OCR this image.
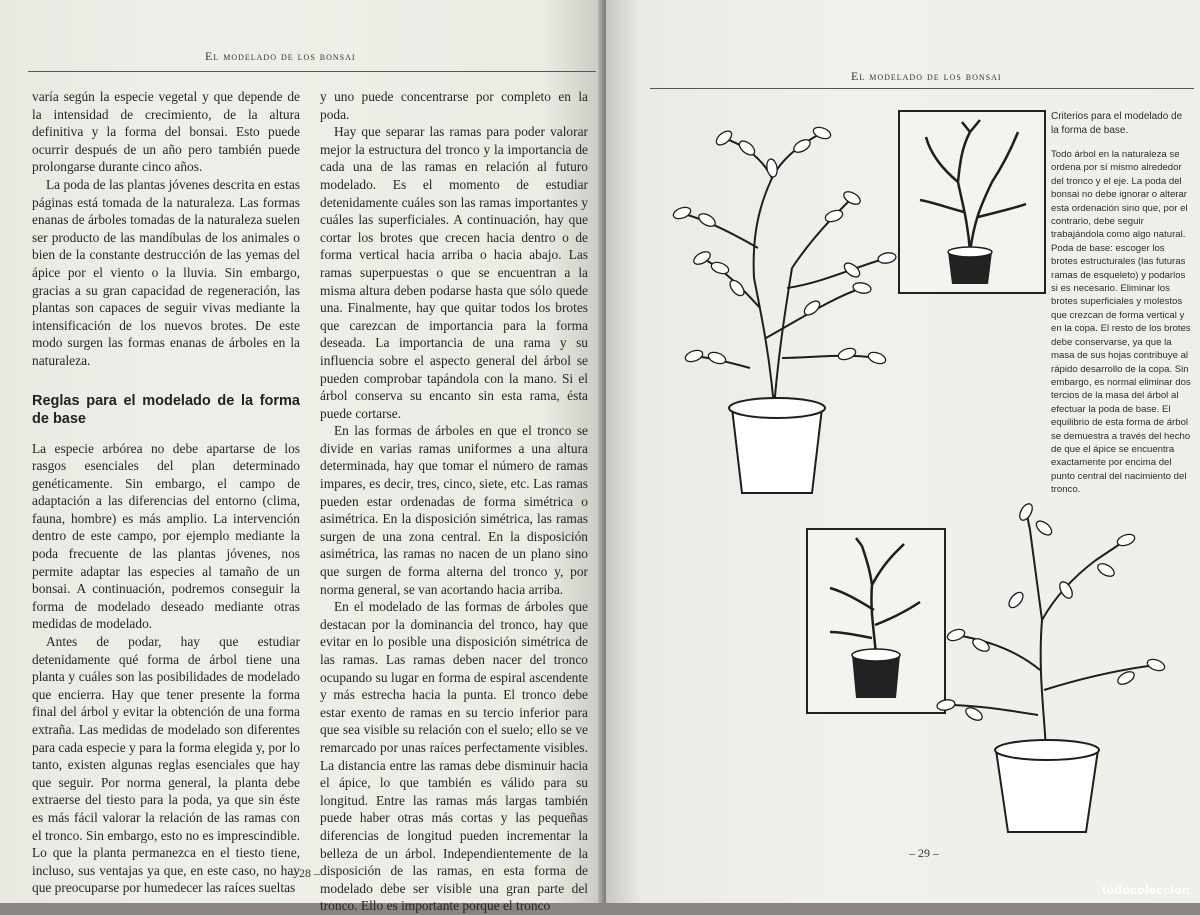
El modelado de los bonsai

varía según la especie vegetal y que depende de la intensidad de crecimiento, de la altura definitiva y la forma del bonsai. Esto puede ocurrir después de un año pero también puede prolongarse durante cinco años.

La poda de las plantas jóvenes descrita en estas páginas está tomada de la naturaleza. Las formas enanas de árboles tomadas de la naturaleza suelen ser producto de las mandíbulas de los animales o bien de la constante destrucción de las yemas del ápice por el viento o la lluvia. Sin embargo, gracias a su gran capacidad de regeneración, las plantas son capaces de seguir vivas mediante la intensificación de los nuevos brotes. De este modo surgen las formas enanas de árboles en la naturaleza.

Reglas para el modelado de la forma de base

La especie arbórea no debe apartarse de los rasgos esenciales del plan determinado genéticamente. Sin embargo, el campo de adaptación a las diferencias del entorno (clima, fauna, hombre) es más amplio. La intervención dentro de este campo, por ejemplo mediante la poda frecuente de las plantas jóvenes, nos permite adaptar las especies al tamaño de un bonsai. A continuación, podremos conseguir la forma de modelado deseado mediante otras medidas de modelado.

Antes de podar, hay que estudiar detenidamente qué forma de árbol tiene una planta y cuáles son las posibilidades de modelado que encierra. Hay que tener presente la forma final del árbol y evitar la obtención de una forma extraña. Las medidas de modelado son diferentes para cada especie y para la forma elegida y, por lo tanto, existen algunas reglas esenciales que hay que seguir. Por norma general, la planta debe extraerse del tiesto para la poda, ya que sin éste es más fácil valorar la relación de las ramas con el tronco. Sin embargo, esto no es imprescindible. Lo que la planta permanezca en el tiesto tiene, incluso, sus ventajas ya que, en este caso, no hay que preocuparse por humedecer las raíces sueltas

y uno puede concentrarse por completo en la poda.

Hay que separar las ramas para poder valorar mejor la estructura del tronco y la importancia de cada una de las ramas en relación al futuro modelado. Es el momento de estudiar detenidamente cuáles son las ramas importantes y cuáles las superficiales. A continuación, hay que cortar los brotes que crecen hacia dentro o de forma vertical hacia arriba o hacia abajo. Las ramas superpuestas o que se encuentran a la misma altura deben podarse hasta que sólo quede una. Finalmente, hay que quitar todos los brotes que carezcan de importancia para la forma deseada. La importancia de una rama y su influencia sobre el aspecto general del árbol se pueden comprobar tapándola con la mano. Si el árbol conserva su encanto sin esta rama, ésta puede cortarse.

En las formas de árboles en que el tronco se divide en varias ramas uniformes a una altura determinada, hay que tomar el número de ramas impares, es decir, tres, cinco, siete, etc. Las ramas pueden estar ordenadas de forma simétrica o asimétrica. En la disposición simétrica, las ramas surgen de una zona central. En la disposición asimétrica, las ramas no nacen de un plano sino que surgen de forma alterna del tronco y, por norma general, se van acortando hacia arriba.

En el modelado de las formas de árboles que destacan por la dominancia del tronco, hay que evitar en lo posible una disposición simétrica de las ramas. Las ramas deben nacer del tronco ocupando su lugar en forma de espiral ascendente y más estrecha hacia la punta. El tronco debe estar exento de ramas en su tercio inferior para que sea visible su relación con el suelo; ello se ve remarcado por unas raíces perfectamente visibles. La distancia entre las ramas debe disminuir hacia el ápice, lo que también es válido para su longitud. Entre las ramas más largas también puede haber otras más cortas y las pequeñas diferencias de longitud pueden incrementar la belleza de un árbol. Independientemente de la disposición de las ramas, en esta forma de modelado debe ser visible una gran parte del tronco. Ello es importante porque el tronco

– 28 –
El modelado de los bonsai
– 29 –

Criterios para el modelado de la forma de base.

Todo árbol en la naturaleza se ordena por sí mismo alrededor del tronco y el eje. La poda del bonsai no debe ignorar o alterar esta ordenación sino que, por el contrario, debe seguir trabajándola como algo natural. Poda de base: escoger los brotes estructurales (las futuras ramas de esqueleto) y podarlos si es necesario. Eliminar los brotes superficiales y molestos que crezcan de forma vertical y en la copa. El resto de los brotes debe conservarse, ya que la masa de sus hojas contribuye al rápido desarrollo de la copa. Sin embargo, es normal eliminar dos tercios de la masa del árbol al efectuar la poda de base. El equilibrio de esta forma de árbol se demuestra a través del hecho de que el ápice se encuentra exactamente por encima del punto central del nacimiento del tronco.

todocoleccion
